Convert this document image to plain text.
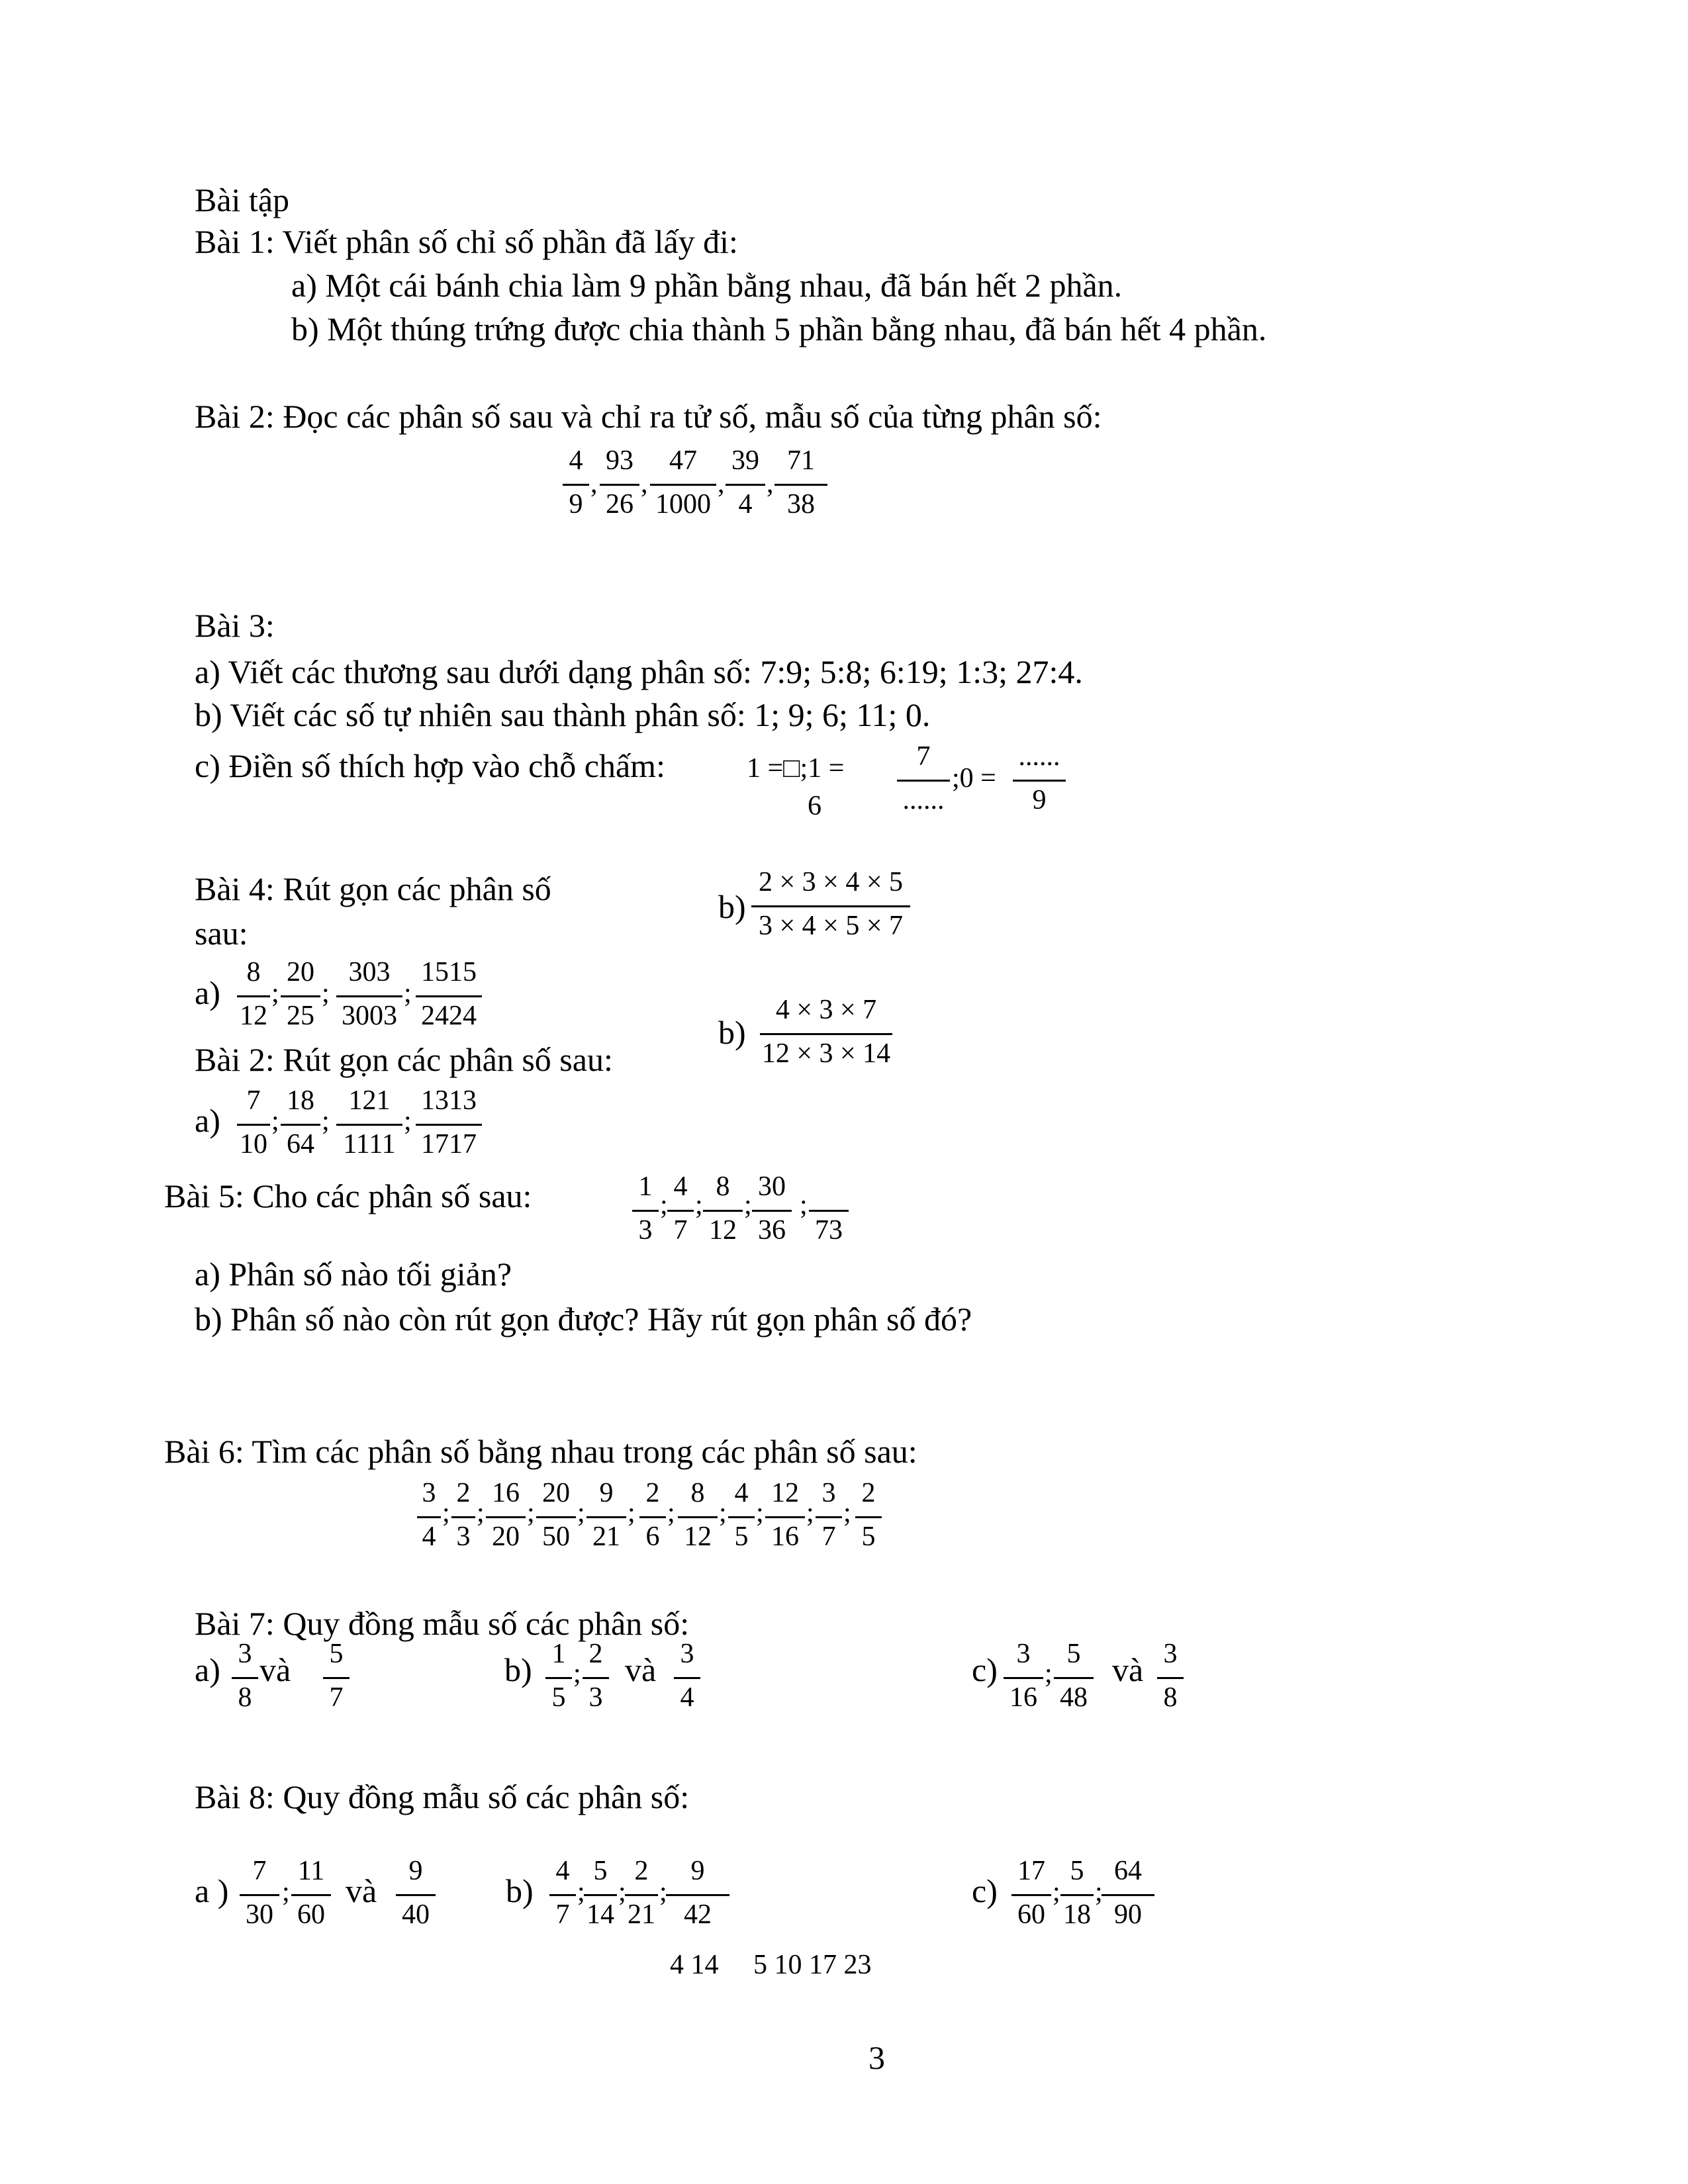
Bài tập
Bài 1: Viết phân số chỉ số phần đã lấy đi:
a) Một cái bánh chia làm 9 phần bằng nhau, đã bán hết 2 phần.
b) Một thúng trứng được chia thành 5 phần bằng nhau, đã bán hết 4 phần.
Bài 2: Đọc các phân số sau và chỉ ra tử số, mẫu số của từng phân số:
4
9
,
93
26
,
47
1000
,
39
4
,
71
38
Bài 3:
a) Viết các thương sau dưới dạng phân số: 7:9; 5:8; 6:19; 1:3; 27:4.
b) Viết các số tự nhiên sau thành phân số: 1; 9; 6; 11; 0.
c) Điền số thích hợp vào chỗ chấm:	1 =□;1 =
6
7
......
;0 =
......
9
Bài 4: Rút gọn các phân số
sau:
b)
2 × 3 × 4 × 5
3 × 4 × 5 × 7
a)
8
12
;
20
25
;
303
3003
;
1515
2424	b)
4 × 3 × 7
12 × 3 × 14
Bài 2: Rút gọn các phân số sau:
a)
7
10
;
18
64
;
121
1111
;
1313
1717
Bài 5: Cho các phân số sau:	1
3
;
4
7
;
8
12
;
30
36
;
73
a) Phân số nào tối giản?
b) Phân số nào còn rút gọn được? Hãy rút gọn phân số đó?
Bài 6: Tìm các phân số bằng nhau trong các phân số sau:
3
4
;
2
3
;
16
20
;
20
50
;
9
21
;
2
6
;
8
12
;
4
5
;
12
16
;
3
7
;
2
5
Bài 7: Quy đồng mẫu số các phân số:
a) 3
8
và 5
7
b) 1
5
;
2
3
và 3
4
c) 3
16
;
5
48
và 3
8
Bài 8: Quy đồng mẫu số các phân số:
a )
7
30
;
11
60
và
9
40
b)
4
7
;
5
14
;
2
21
;
9
42
4 14     5 10 17 23
c)
17
60
;
5
18
;
64
90
3
